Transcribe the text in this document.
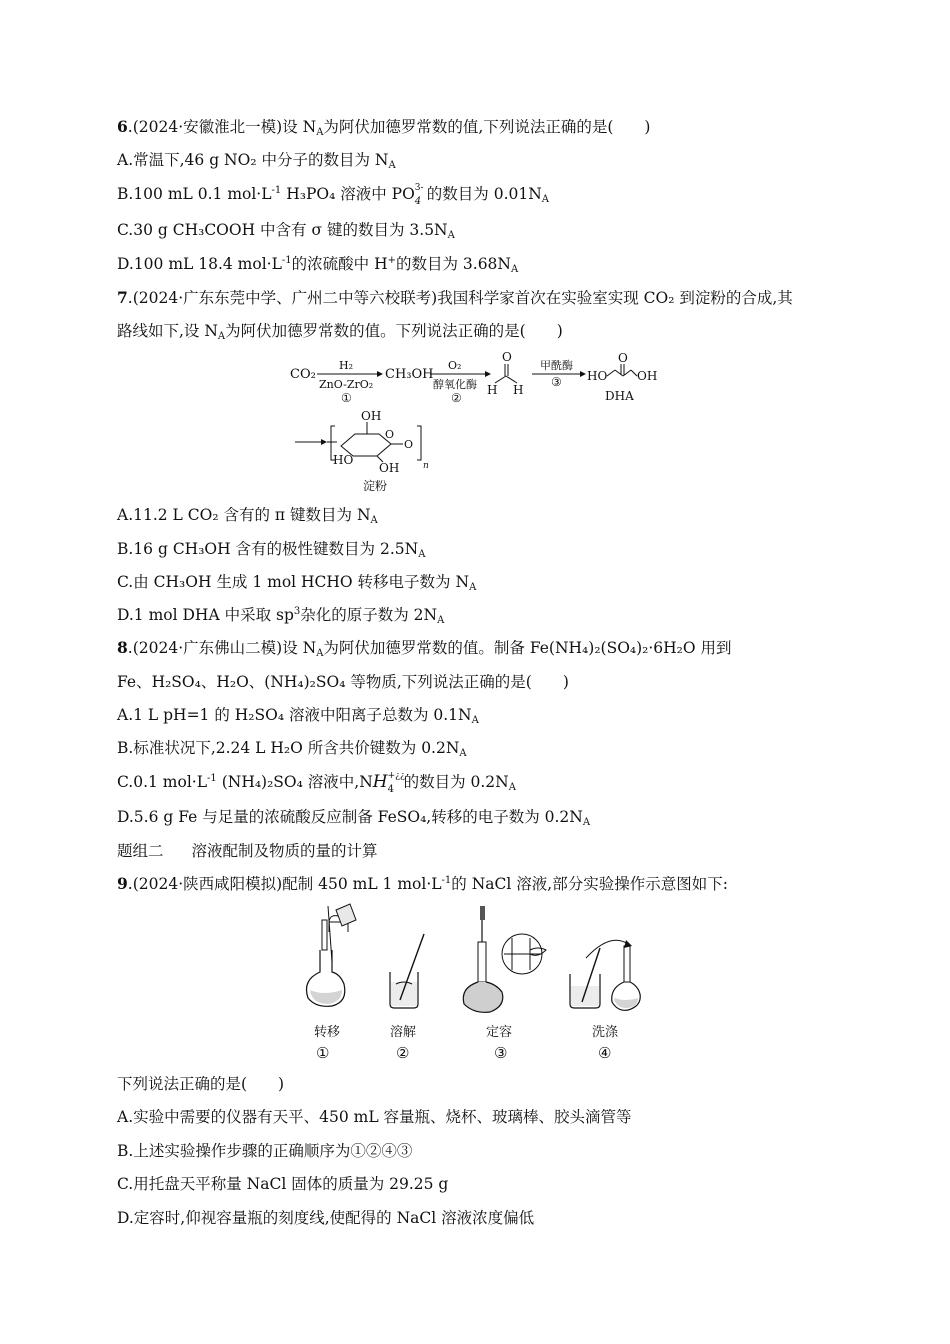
6.(2024·安徽淮北一模)设 $N_A$为阿伏加德罗常数的值,下列说法正确的是(　　)
A.常温下,46 g NO₂ 中分子的数目为 $N_A$
B.100 mL 0.1 $mol\cdot L^{-1}$ H₃PO₄ 溶液中 PO 3-
4 的数目为 $0.01N_A$
C.30 g CH₃COOH 中含有 σ 键的数目为 $3.5N_A$
D.100 mL 18.4 $mol\cdot L^{-1}$的浓硫酸中 H+的数目为 $3.68N_A$
7.(2024·广东东莞中学、广州二中等六校联考)我国科学家首次在实验室实现 CO₂ 到淀粉的合成,其
路线如下,设 $N_A$为阿伏加德罗常数的值。下列说法正确的是(　　)
CO₂
H₂
ZnO-ZrO₂
①
CH₃OH
O₂
醇氧化酶
②
O
H H
甲酰酶
③ HO
O
OH
DHA
OH
O
HO
OH
O
n
淀粉
A.11.2 L CO₂ 含有的 π 键数目为 $N_A$
B.16 g CH₃OH 含有的极性键数目为 $2.5N_A$
C.由 CH₃OH 生成 1 mol HCHO 转移电子数为 $N_A$
D.1 mol DHA 中采取 $sp^3$杂化的原子数为 $2N_A$
8.(2024·广东佛山二模)设 $N_A$为阿伏加德罗常数的值。制备 Fe(NH₄)₂(SO₄)₂·6H₂O 用到
Fe、H₂SO₄、H₂O、(NH₄)₂SO₄ 等物质,下列说法正确的是(　　)
A.1 L pH=1 的 H₂SO₄ 溶液中阳离子总数为 $0.1N_A$
B.标准状况下,2.24 L H₂O 所含共价键数为 $0.2N_A$
C.0.1 $mol\cdot L^{-1}$ (NH₄)₂SO₄ 溶液中,NH +¿¿
4 的数目为 $0.2N_A$
D.5.6 g Fe 与足量的浓硫酸反应制备 FeSO₄,转移的电子数为 $0.2N_A$
题组二 溶液配制及物质的量的计算
9.(2024·陕西咸阳模拟)配制 450 mL 1 $mol\cdot L^{-1}$的 NaCl 溶液,部分实验操作示意图如下:
转移
①
溶解
②
定容
③
洗涤
④
下列说法正确的是(　　)
A.实验中需要的仪器有天平、450 mL 容量瓶、烧杯、玻璃棒、胶头滴管等
B.上述实验操作步骤的正确顺序为①②④③
C.用托盘天平称量 NaCl 固体的质量为 29.25 g
D.定容时,仰视容量瓶的刻度线,使配得的 NaCl 溶液浓度偏低
